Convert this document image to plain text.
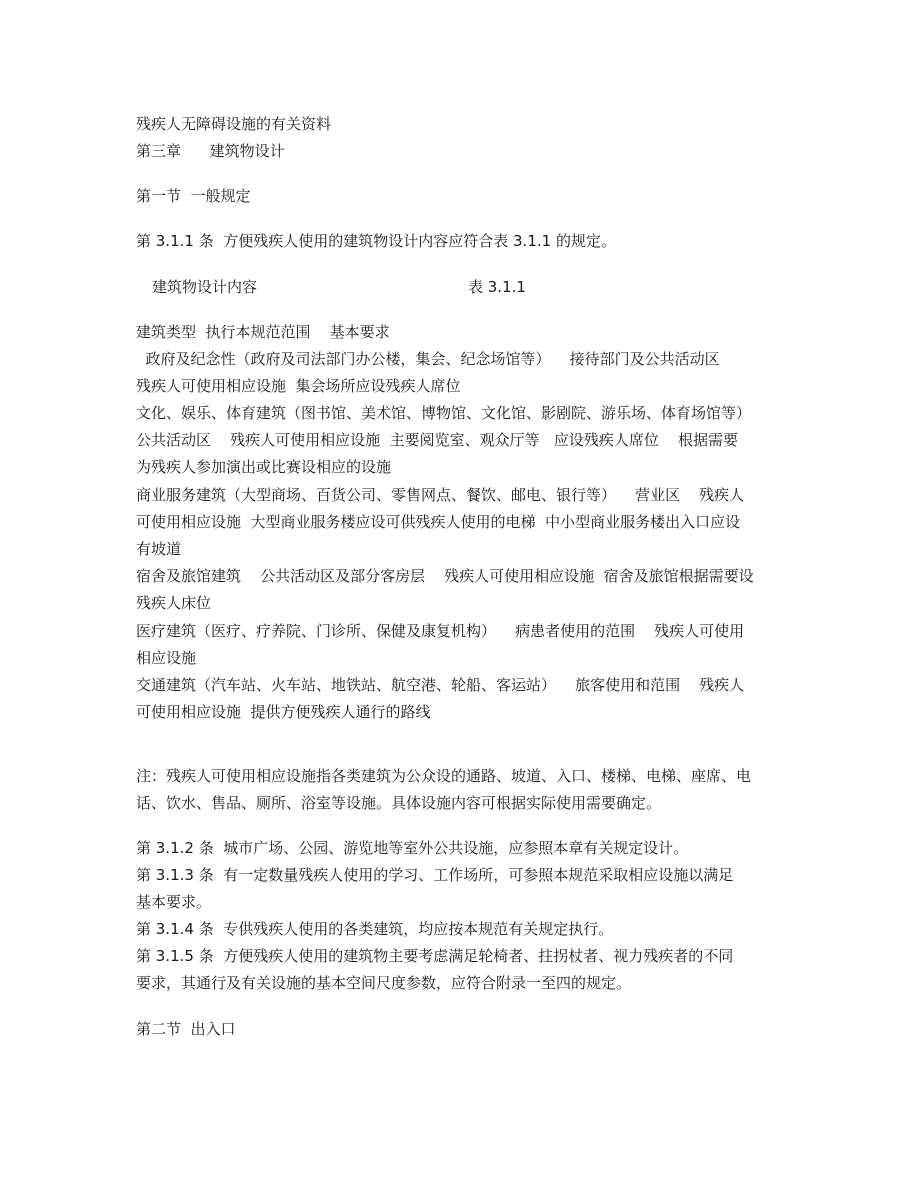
残疾人无障碍设施的有关资料
第三章      建筑物设计
第一节  一般规定
第 3.1.1 条  方便残疾人使用的建筑物设计内容应符合表 3.1.1 的规定。
建筑物设计内容	表 3.1.1
建筑类型  执行本规范范围    基本要求
政府及纪念性（政府及司法部门办公楼，集会、纪念场馆等）    接待部门及公共活动区
残疾人可使用相应设施  集会场所应设残疾人席位
文化、娱乐、体育建筑（图书馆、美术馆、博物馆、文化馆、影剧院、游乐场、体育场馆等）
公共活动区    残疾人可使用相应设施  主要阅览室、观众厅等   应设残疾人席位    根据需要
为残疾人参加演出或比赛设相应的设施
商业服务建筑（大型商场、百货公司、零售网点、餐饮、邮电、银行等）    营业区    残疾人
可使用相应设施  大型商业服务楼应设可供残疾人使用的电梯  中小型商业服务楼出入口应设
有坡道
宿舍及旅馆建筑    公共活动区及部分客房层    残疾人可使用相应设施  宿舍及旅馆根据需要设
残疾人床位
医疗建筑（医疗、疗养院、门诊所、保健及康复机构）    病患者使用的范围    残疾人可使用
相应设施
交通建筑（汽车站、火车站、地铁站、航空港、轮船、客运站）    旅客使用和范围    残疾人
可使用相应设施  提供方便残疾人通行的路线
注：残疾人可使用相应设施指各类建筑为公众设的通路、坡道、入口、楼梯、电梯、座席、电
话、饮水、售品、厕所、浴室等设施。具体设施内容可根据实际使用需要确定。
第 3.1.2 条  城市广场、公园、游览地等室外公共设施，应参照本章有关规定设计。
第 3.1.3 条  有一定数量残疾人使用的学习、工作场所，可参照本规范采取相应设施以满足
基本要求。
第 3.1.4 条  专供残疾人使用的各类建筑，均应按本规范有关规定执行。
第 3.1.5 条  方便残疾人使用的建筑物主要考虑满足轮椅者、拄拐杖者、视力残疾者的不同
要求，其通行及有关设施的基本空间尺度参数，应符合附录一至四的规定。
第二节  出入口
